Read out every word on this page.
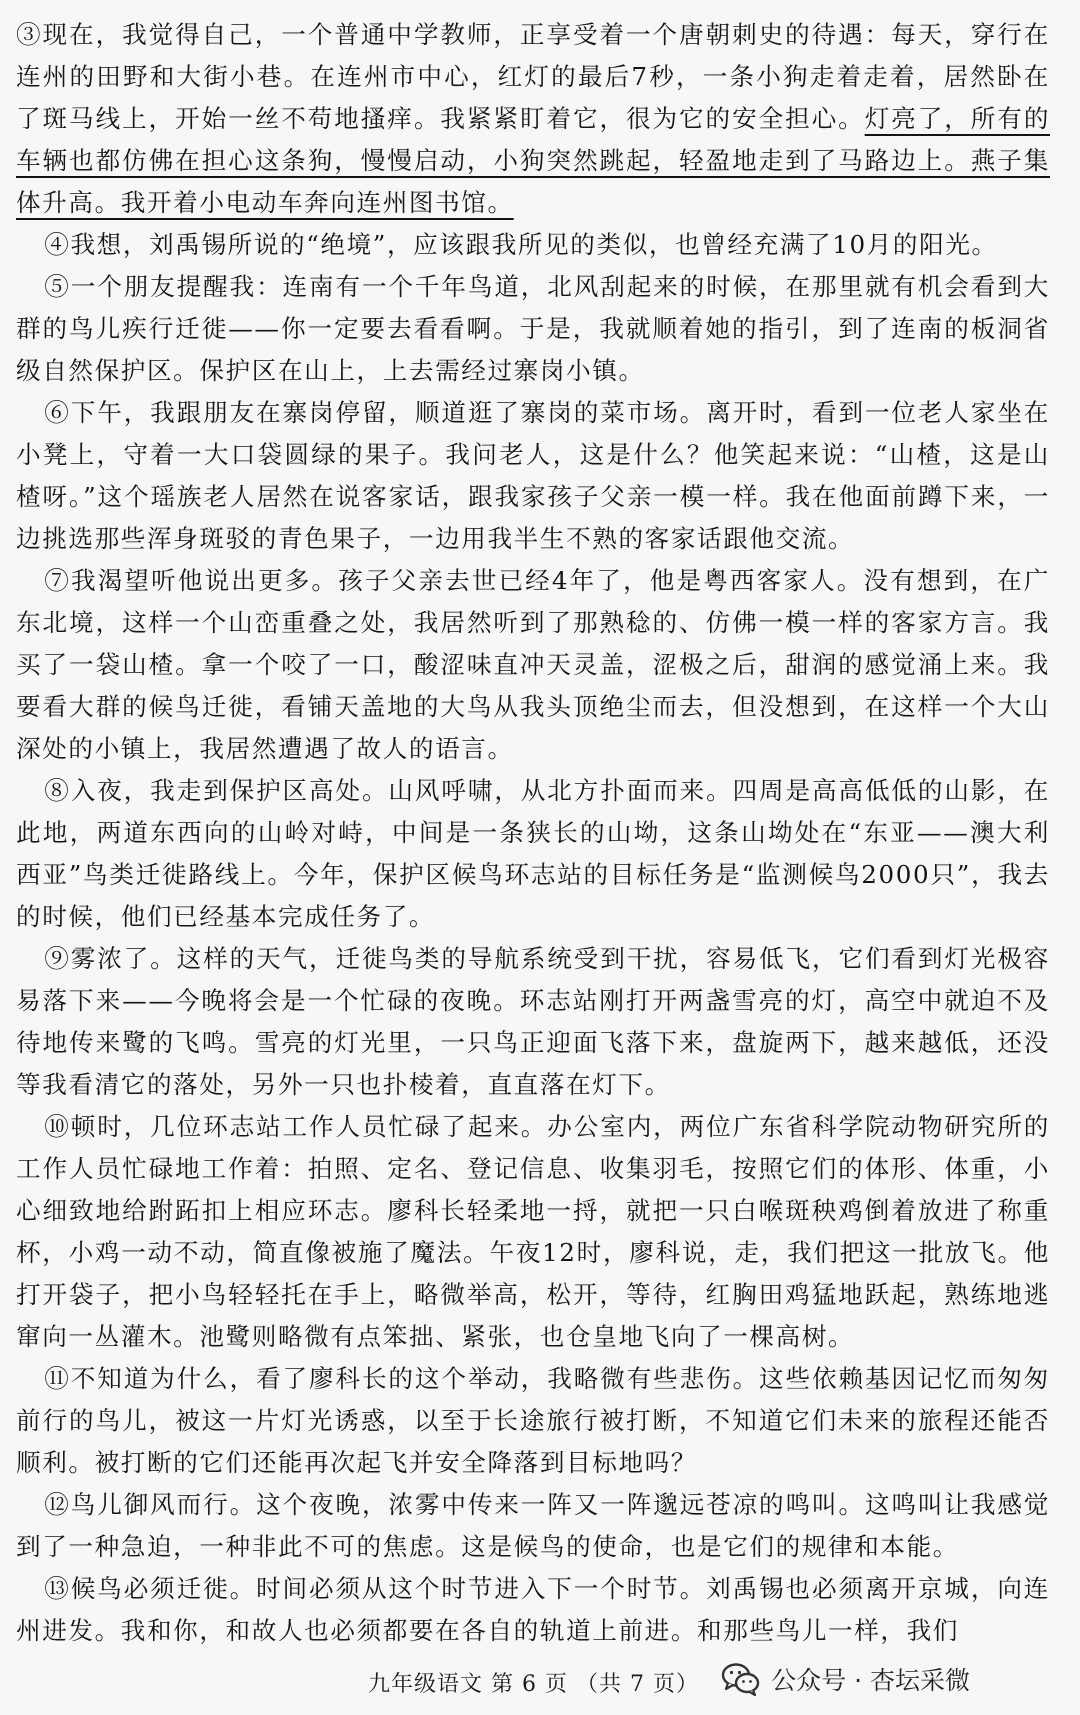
③现在，我觉得自己，一个普通中学教师，正享受着一个唐朝刺史的待遇：每天，穿行在连州的田野和大街小巷。在连州市中心，红灯的最后7秒，一条小狗走着走着，居然卧在了斑马线上，开始一丝不苟地搔痒。我紧紧盯着它，很为它的安全担心。灯亮了，所有的车辆也都仿佛在担心这条狗，慢慢启动，小狗突然跳起，轻盈地走到了马路边上。燕子集体升高。我开着小电动车奔向连州图书馆。

④我想，刘禹锡所说的“绝境”，应该跟我所见的类似，也曾经充满了10月的阳光。

⑤一个朋友提醒我：连南有一个千年鸟道，北风刮起来的时候，在那里就有机会看到大群的鸟儿疾行迁徙——你一定要去看看啊。于是，我就顺着她的指引，到了连南的板洞省级自然保护区。保护区在山上，上去需经过寨岗小镇。

⑥下午，我跟朋友在寨岗停留，顺道逛了寨岗的菜市场。离开时，看到一位老人家坐在小凳上，守着一大口袋圆绿的果子。我问老人，这是什么？他笑起来说：“山楂，这是山楂呀。”这个瑶族老人居然在说客家话，跟我家孩子父亲一模一样。我在他面前蹲下来，一边挑选那些浑身斑驳的青色果子，一边用我半生不熟的客家话跟他交流。

⑦我渴望听他说出更多。孩子父亲去世已经4年了，他是粤西客家人。没有想到，在广东北境，这样一个山峦重叠之处，我居然听到了那熟稔的、仿佛一模一样的客家方言。我买了一袋山楂。拿一个咬了一口，酸涩味直冲天灵盖，涩极之后，甜润的感觉涌上来。我要看大群的候鸟迁徙，看铺天盖地的大鸟从我头顶绝尘而去，但没想到，在这样一个大山深处的小镇上，我居然遭遇了故人的语言。

⑧入夜，我走到保护区高处。山风呼啸，从北方扑面而来。四周是高高低低的山影，在此地，两道东西向的山岭对峙，中间是一条狭长的山坳，这条山坳处在“东亚——澳大利西亚”鸟类迁徙路线上。今年，保护区候鸟环志站的目标任务是“监测候鸟2000只”，我去的时候，他们已经基本完成任务了。

⑨雾浓了。这样的天气，迁徙鸟类的导航系统受到干扰，容易低飞，它们看到灯光极容易落下来——今晚将会是一个忙碌的夜晚。环志站刚打开两盏雪亮的灯，高空中就迫不及待地传来鹭的飞鸣。雪亮的灯光里，一只鸟正迎面飞落下来，盘旋两下，越来越低，还没等我看清它的落处，另外一只也扑棱着，直直落在灯下。

⑩顿时，几位环志站工作人员忙碌了起来。办公室内，两位广东省科学院动物研究所的工作人员忙碌地工作着：拍照、定名、登记信息、收集羽毛，按照它们的体形、体重，小心细致地给跗跖扣上相应环志。廖科长轻柔地一捋，就把一只白喉斑秧鸡倒着放进了称重杯，小鸡一动不动，简直像被施了魔法。午夜12时，廖科说，走，我们把这一批放飞。他打开袋子，把小鸟轻轻托在手上，略微举高，松开，等待，红胸田鸡猛地跃起，熟练地逃窜向一丛灌木。池鹭则略微有点笨拙、紧张，也仓皇地飞向了一棵高树。

⑪不知道为什么，看了廖科长的这个举动，我略微有些悲伤。这些依赖基因记忆而匆匆前行的鸟儿，被这一片灯光诱惑，以至于长途旅行被打断，不知道它们未来的旅程还能否顺利。被打断的它们还能再次起飞并安全降落到目标地吗？

⑫鸟儿御风而行。这个夜晚，浓雾中传来一阵又一阵邈远苍凉的鸣叫。这鸣叫让我感觉到了一种急迫，一种非此不可的焦虑。这是候鸟的使命，也是它们的规律和本能。

⑬候鸟必须迁徙。时间必须从这个时节进入下一个时节。刘禹锡也必须离开京城，向连州进发。我和你，和故人也必须都要在各自的轨道上前进。和那些鸟儿一样，我们

九年级语文 第 6 页 （共 7 页）	公众号 · 杏坛采微
